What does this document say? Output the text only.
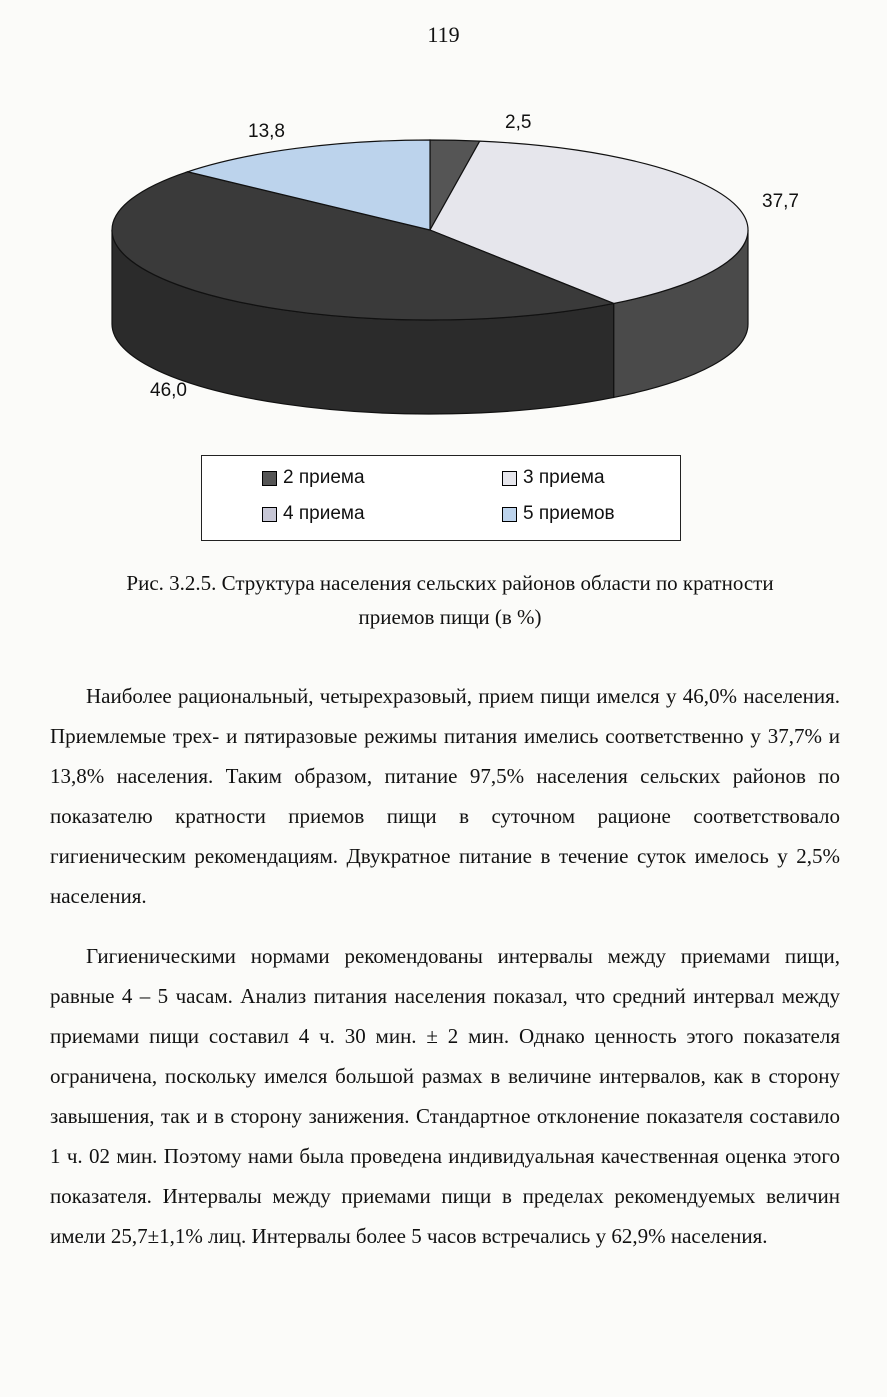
119
2,5
37,7
46,0
13,8
2 приема	3 приема
4 приема	5 приемов
Рис. 3.2.5. Структура населения сельских районов области по кратности
приемов пищи (в %)

Наиболее рациональный, четырехразовый, прием пищи имелся у 46,0% населения. Приемлемые трех- и пятиразовые режимы питания имелись соответственно у 37,7% и 13,8% населения. Таким образом, питание 97,5% населения сельских районов по показателю кратности приемов пищи в суточном рационе соответствовало гигиеническим рекомендациям. Двукратное питание в течение суток имелось у 2,5% населения.

Гигиеническими нормами рекомендованы интервалы между приемами пищи, равные 4 – 5 часам. Анализ питания населения показал, что средний интервал между приемами пищи составил 4 ч. 30 мин. ± 2 мин. Однако ценность этого показателя ограничена, поскольку имелся большой размах в величине интервалов, как в сторону завышения, так и в сторону занижения. Стандартное отклонение показателя составило 1 ч. 02 мин. Поэтому нами была проведена индивидуальная качественная оценка этого показателя. Интервалы между приемами пищи в пределах рекомендуемых величин имели 25,7±1,1% лиц. Интервалы более 5 часов встречались у 62,9% населения.
